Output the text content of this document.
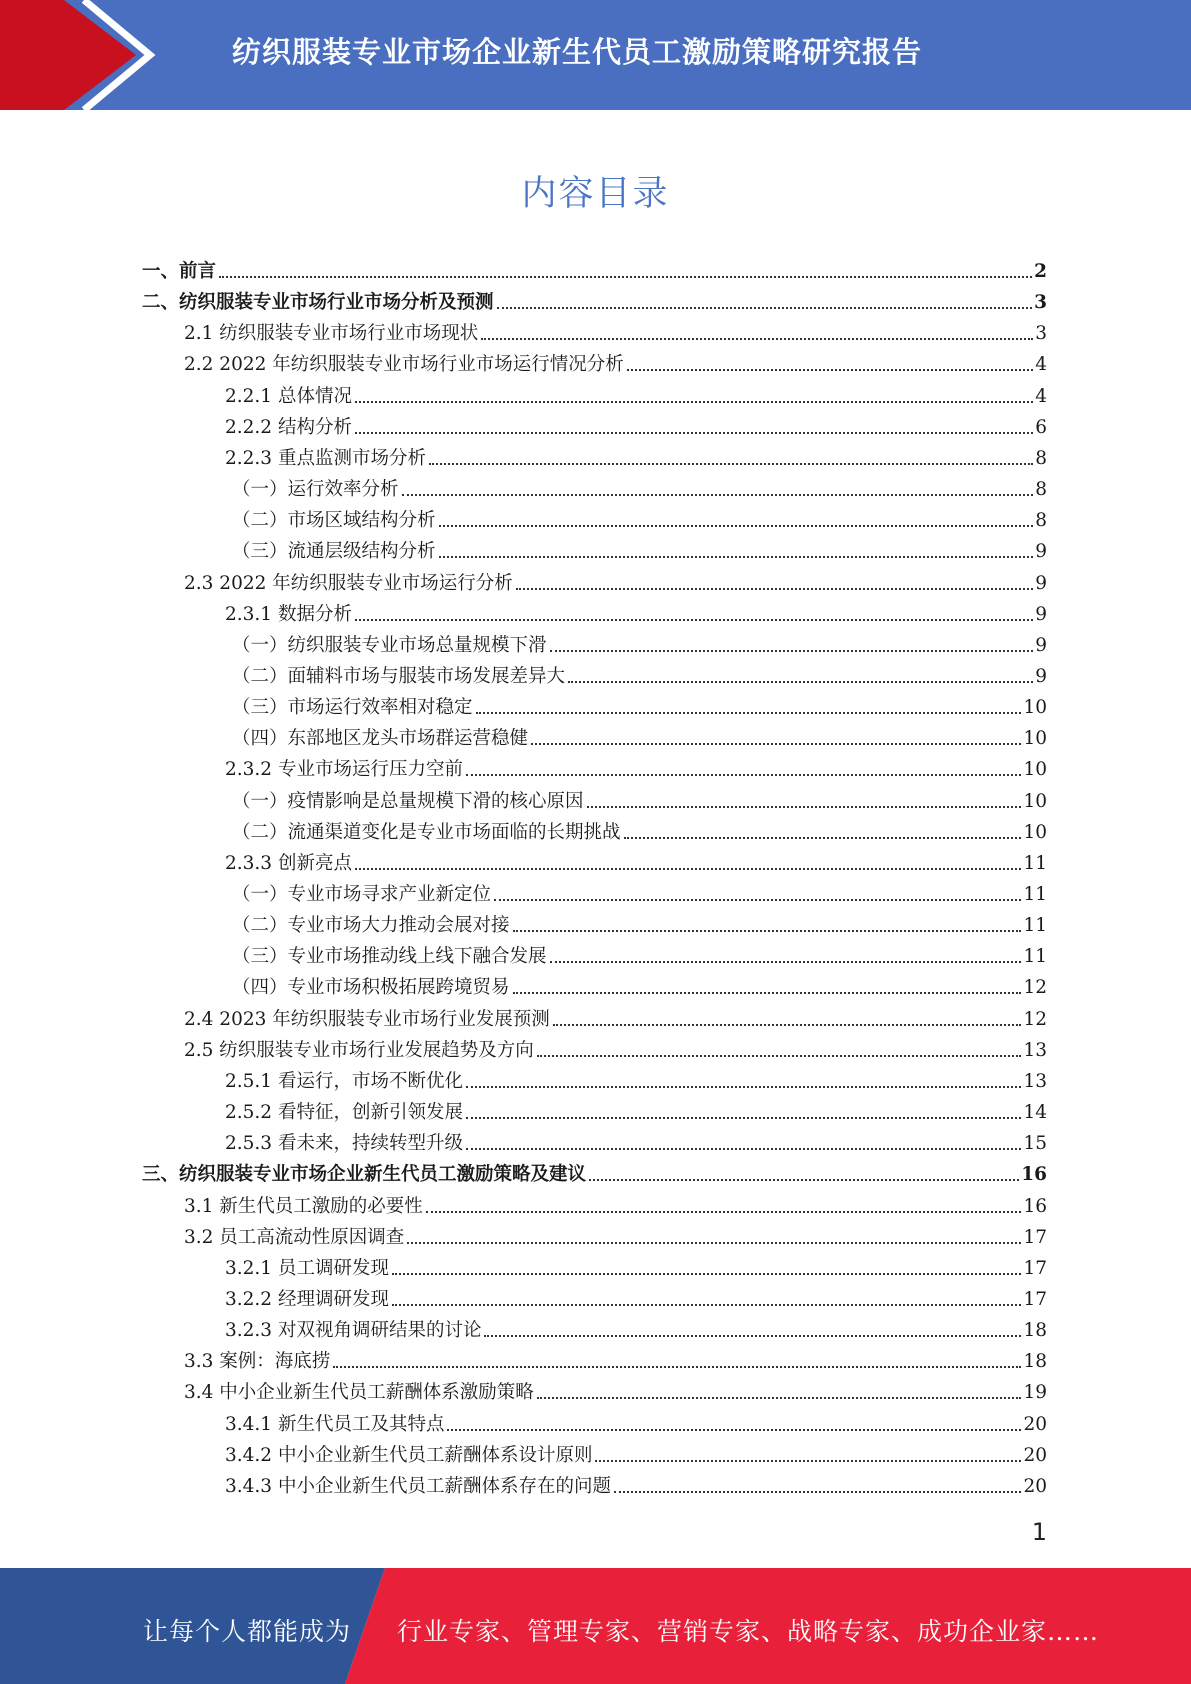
纺织服装专业市场企业新生代员工激励策略研究报告
内容目录
一、前言	2
二、纺织服装专业市场行业市场分析及预测	3
2.1 纺织服装专业市场行业市场现状	3
2.2 2022 年纺织服装专业市场行业市场运行情况分析	4
2.2.1 总体情况	4
2.2.2 结构分析	6
2.2.3 重点监测市场分析	8
（一）运行效率分析	8
（二）市场区域结构分析	8
（三）流通层级结构分析	9
2.3 2022 年纺织服装专业市场运行分析	9
2.3.1 数据分析	9
（一）纺织服装专业市场总量规模下滑	9
（二）面辅料市场与服装市场发展差异大	9
（三）市场运行效率相对稳定	10
（四）东部地区龙头市场群运营稳健	10
2.3.2 专业市场运行压力空前	10
（一）疫情影响是总量规模下滑的核心原因	10
（二）流通渠道变化是专业市场面临的长期挑战	10
2.3.3 创新亮点	11
（一）专业市场寻求产业新定位	11
（二）专业市场大力推动会展对接	11
（三）专业市场推动线上线下融合发展	11
（四）专业市场积极拓展跨境贸易	12
2.4 2023 年纺织服装专业市场行业发展预测	12
2.5 纺织服装专业市场行业发展趋势及方向	13
2.5.1 看运行，市场不断优化	13
2.5.2 看特征，创新引领发展	14
2.5.3 看未来，持续转型升级	15
三、纺织服装专业市场企业新生代员工激励策略及建议	16
3.1 新生代员工激励的必要性	16
3.2 员工高流动性原因调查	17
3.2.1 员工调研发现	17
3.2.2 经理调研发现	17
3.2.3 对双视角调研结果的讨论	18
3.3 案例：海底捞	18
3.4 中小企业新生代员工薪酬体系激励策略	19
3.4.1 新生代员工及其特点	20
3.4.2 中小企业新生代员工薪酬体系设计原则	20
3.4.3 中小企业新生代员工薪酬体系存在的问题	20
1
让每个人都能成为 行业专家、管理专家、营销专家、战略专家、成功企业家……
